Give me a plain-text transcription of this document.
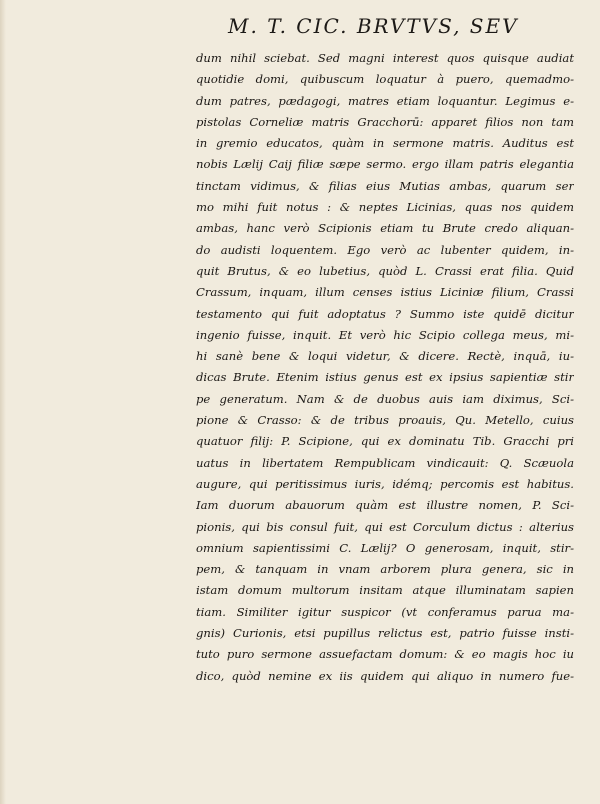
M. T. CIC. BRVTVS, SEV
dum nihil sciebat. Sed magni interest quos quisque audiat
quotidie domi, quibuscum loquatur à puero, quemadmo-
dum patres, pædagogi, matres etiam loquantur. Legimus e-
pistolas Corneliæ matris Gracchorū: apparet filios non tam
in gremio educatos, quàm in sermone matris. Auditus est
nobis Lælij Caij filiæ sæpe sermo. ergo illam patris elegantia
tinctam vidimus, & filias eius Mutias ambas, quarum ser
mo mihi fuit notus : & neptes Licinias, quas nos quidem
ambas, hanc verò Scipionis etiam tu Brute credo aliquan-
do audisti loquentem. Ego verò ac lubenter quidem, in-
quit Brutus, & eo lubetius, quòd L. Crassi erat filia. Quid
Crassum, inquam, illum censes istius Liciniæ filium, Crassi
testamento qui fuit adoptatus ? Summo iste quidē dicitur
ingenio fuisse, inquit. Et verò hic Scipio collega meus, mi-
hi sanè bene & loqui videtur, & dicere. Rectè, inquā, iu-
dicas Brute. Etenim istius genus est ex ipsius sapientiæ stir
pe generatum. Nam & de duobus auis iam diximus, Sci-
pione & Crasso: & de tribus proauis, Qu. Metello, cuius
quatuor filij: P. Scipione, qui ex dominatu Tib. Gracchi pri
uatus in libertatem Rempublicam vindicauit: Q. Scæuola
augure, qui peritissimus iuris, idémq; percomis est habitus.
Iam duorum abauorum quàm est illustre nomen, P. Sci-
pionis, qui bis consul fuit, qui est Corculum dictus : alterius
omnium sapientissimi C. Lælij? O generosam, inquit, stir-
pem, & tanquam in vnam arborem plura genera, sic in
istam domum multorum insitam atque illuminatam sapien
tiam. Similiter igitur suspicor (vt conferamus parua ma-
gnis) Curionis, etsi pupillus relictus est, patrio fuisse insti-
tuto puro sermone assuefactam domum: & eo magis hoc iu
dico, quòd nemine ex iis quidem qui aliquo in numero fue-
